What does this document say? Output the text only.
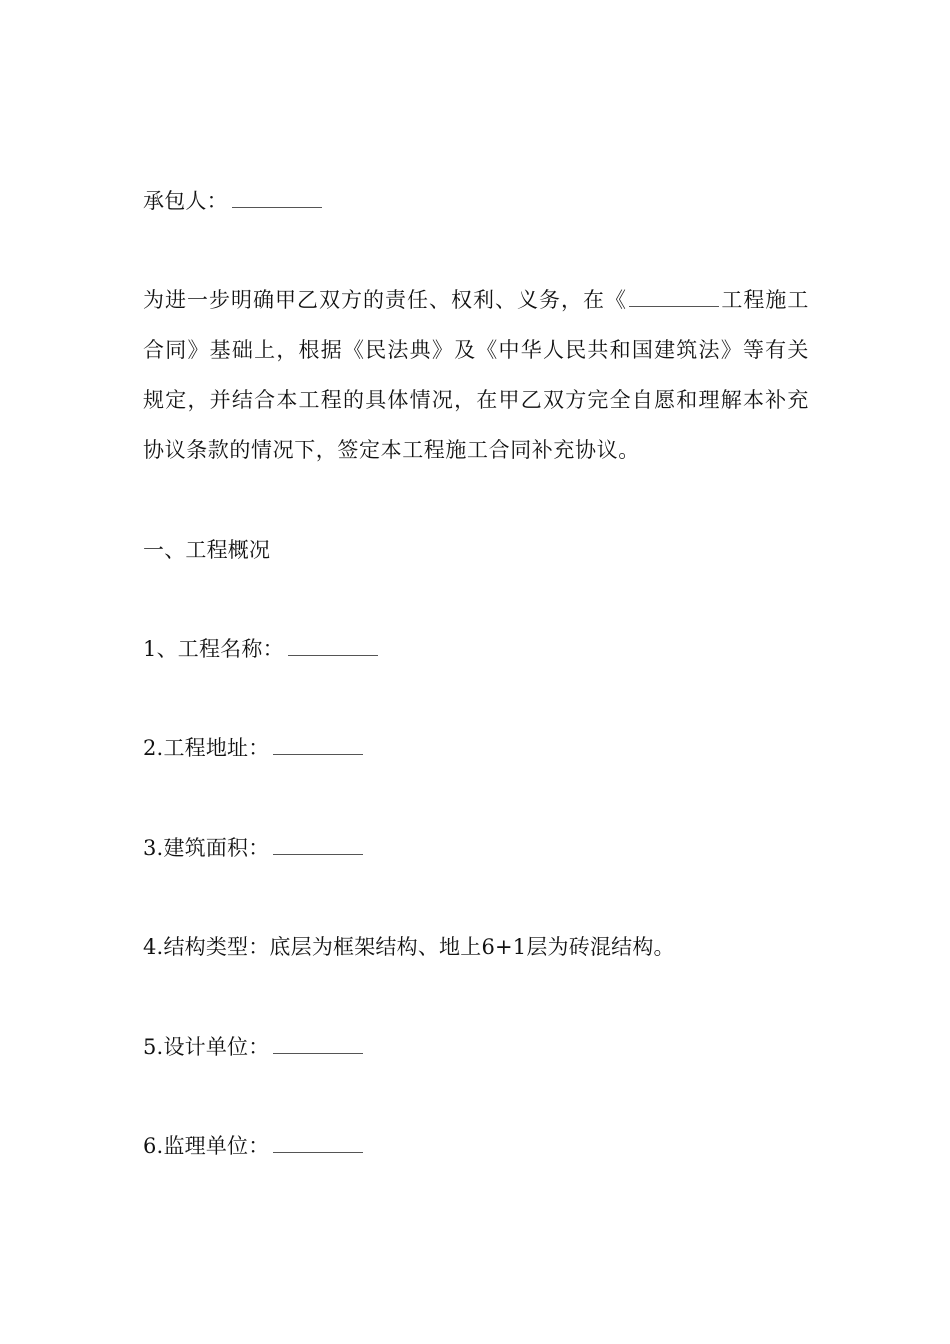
承包人：
为进一步明确甲乙双方的责任、权利、义务，在《	工程施工合同》基础上，根据《民法典》及《中华人民共和国建筑法》等有关规定，并结合本工程的具体情况，在甲乙双方完全自愿和理解本补充协议条款的情况下，签定本工程施工合同补充协议。
一、工程概况
1、工程名称：
2.工程地址：
3.建筑面积：
4.结构类型：底层为框架结构、地上6+1层为砖混结构。
5.设计单位：
6.监理单位：
